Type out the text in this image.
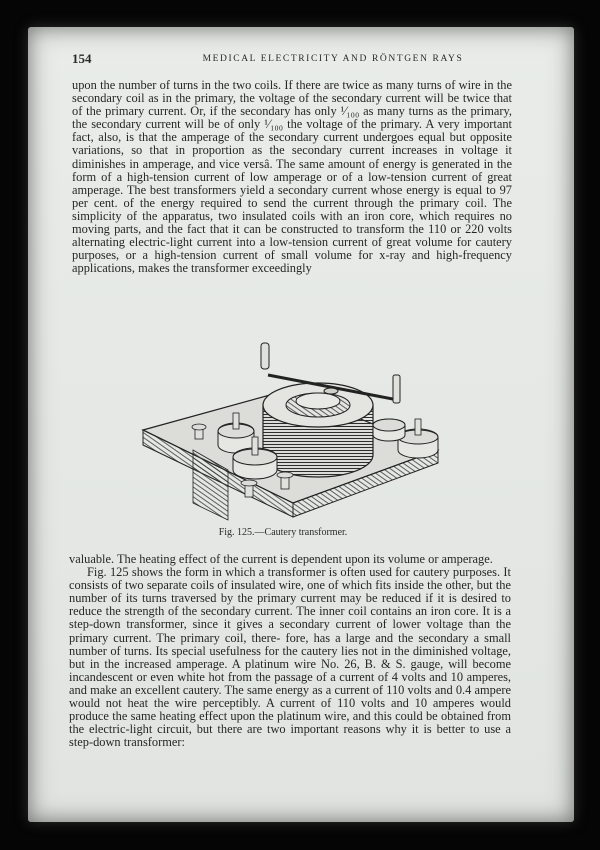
154	MEDICAL ELECTRICITY AND RÖNTGEN RAYS

upon the number of turns in the two coils. If there are twice as many turns of wire in the secondary coil as in the primary, the voltage of the secondary current will be twice that of the primary current. Or, if the secondary has only ¹⁄₁₀₀ as many turns as the primary, the secondary current will be of only ¹⁄₁₀₀ the voltage of the primary. A very important fact, also, is that the amperage of the secondary current undergoes equal but opposite variations, so that in proportion as the secondary current increases in voltage it diminishes in amperage, and vice versâ. The same amount of energy is generated in the form of a high-tension current of low amperage or of a low-tension current of great amperage. The best transformers yield a secondary current whose energy is equal to 97 per cent. of the energy required to send the current through the primary coil. The simplicity of the apparatus, two insulated coils with an iron core, which requires no moving parts, and the fact that it can be constructed to transform the 110 or 220 volts alternating electric-light current into a low-tension current of great volume for cautery purposes, or a high-tension current of small volume for x-ray and high-frequency applications, makes the transformer exceedingly

Fig. 125.—Cautery transformer.

valuable. The heating effect of the current is dependent upon its volume or amperage.

Fig. 125 shows the form in which a transformer is often used for cautery purposes. It consists of two separate coils of insulated wire, one of which fits inside the other, but the number of its turns traversed by the primary current may be reduced if it is desired to reduce the strength of the secondary current. The inner coil contains an iron core. It is a step-down transformer, since it gives a secondary current of lower voltage than the primary current. The primary coil, there- fore, has a large and the secondary a small number of turns. Its special usefulness for the cautery lies not in the diminished voltage, but in the increased amperage. A platinum wire No. 26, B. & S. gauge, will become incandescent or even white hot from the passage of a current of 4 volts and 10 amperes, and make an excellent cautery. The same energy as a current of 110 volts and 0.4 ampere would not heat the wire perceptibly. A current of 110 volts and 10 amperes would produce the same heating effect upon the platinum wire, and this could be obtained from the electric-light circuit, but there are two important reasons why it is better to use a step-down transformer:
